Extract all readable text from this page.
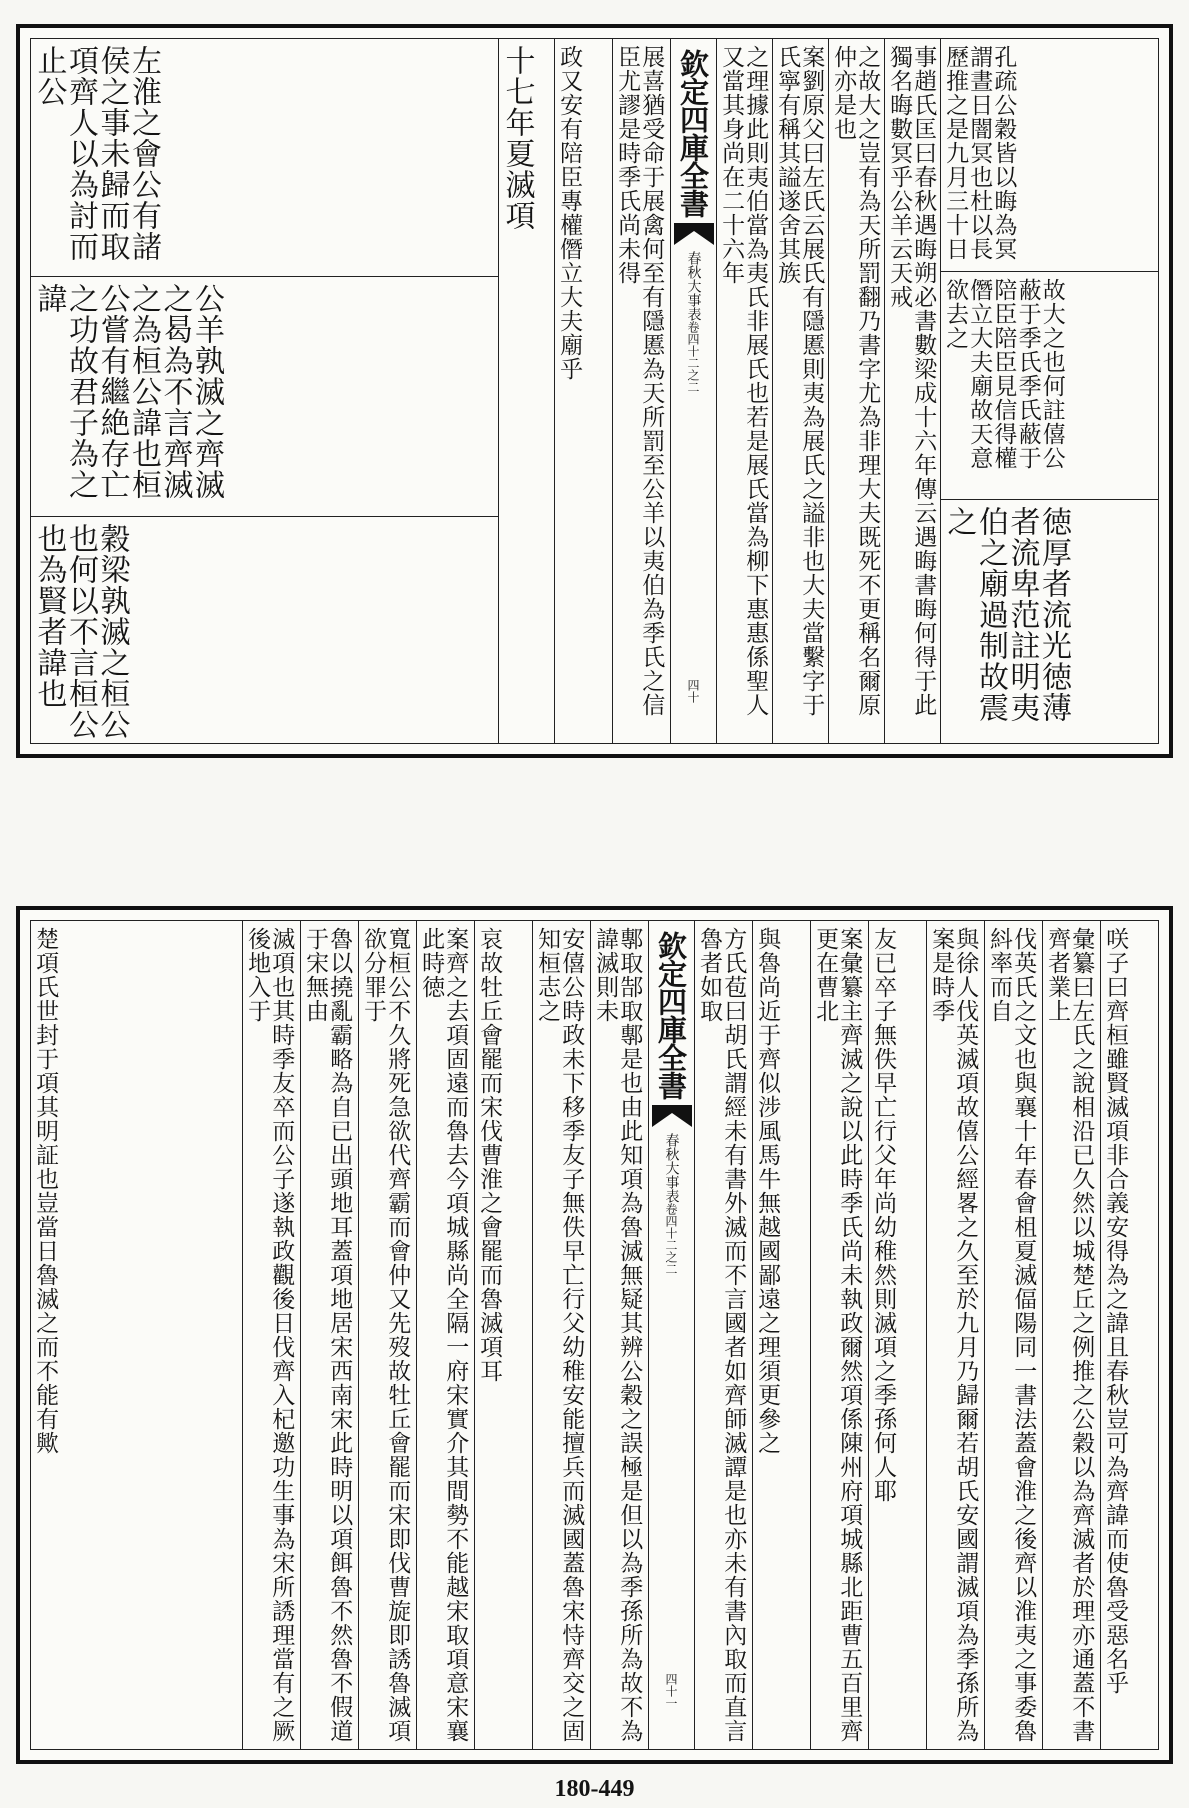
孔疏公穀皆以晦為冥謂晝日闇冥也杜以長歷推之是九月三十日
故大之也何註僖公蔽于季氏季氏蔽于陪臣陪臣見信得權僭立大夫廟故天意欲去之
徳厚者流光徳薄者流卑范註明夷伯之廟過制故震之
事趙氏匡曰春秋遇晦朔必書數梁成十六年傳云遇晦書晦何得于此獨名晦數冥乎公羊云天戒
之故大之豈有為天所罰翻乃書字尤為非理大夫既死不更稱名爾原仲亦是也
案劉原父曰左氏云展氏有隱慝則夷為展氏之謚非也大夫當繫字于氏寧有稱其謚遂舍其族
之理據此則夷伯當為夷氏非展氏也若是展氏當為柳下惠惠係聖人又當其身尚在二十六年
欽定四庫全書
春秋大事表
卷四十二之二
四十
展喜猶受命于展禽何至有隱慝為天所罰至公羊以夷伯為季氏之信臣尤謬是時季氏尚未得
政又安有陪臣專權僭立大夫廟乎
十七年夏滅項
左淮之會公有諸侯之事未歸而取項齊人以為討而止公
公羊孰滅之齊滅之曷為不言齊滅之為桓公諱也桓公嘗有繼絶存亡之功故君子為之諱
穀梁孰滅之桓公也何以不言桓公也為賢者諱也
咲子曰齊桓雖賢滅項非合義安得為之諱且春秋豈可為齊諱而使魯受惡名乎
彙纂曰左氏之說相沿已久然以城楚丘之例推之公穀以為齊滅者於理亦通蓋不書齊者業上
伐英氏之文也與襄十年春會柤夏滅偪陽同一書法蓋會淮之後齊以淮夷之事委魯紏率而自
與徐人伐英滅項故僖公經畧之久至於九月乃歸爾若胡氏安國謂滅項為季孫所為案是時季
友已卒子無佚早亡行父年尚幼稚然則滅項之季孫何人耶
案彙纂主齊滅之說以此時季氏尚未執政爾然項係陳州府項城縣北距曹五百里齊更在曹北
與魯尚近于齊似涉風馬牛無越國鄙遠之理須更參之
方氏苞曰胡氏謂經未有書外滅而不言國者如齊師滅譚是也亦未有書內取而直言魯者如取
欽定四庫全書
春秋大事表
卷四十二之二
四十一
鄟取郜取鄟是也由此知項為魯滅無疑其辨公穀之誤極是但以為季孫所為故不為諱滅則未
安僖公時政未下移季友子無佚早亡行父幼稚安能擅兵而滅國蓋魯宋恃齊交之固知桓志之
哀故牡丘會罷而宋伐曹淮之會罷而魯滅項耳
案齊之去項固遠而魯去今項城縣尚全隔一府宋實介其間勢不能越宋取項意宋襄此時徳
寬桓公不久將死急欲代齊霸而會仲又先歿故牡丘會罷而宋即伐曹旋即誘魯滅項欲分罪于
魯以撓亂霸略為自已出頭地耳蓋項地居宋西南宋此時明以項餌魯不然魯不假道于宋無由
滅項也其時季友卒而公子遂執政觀後日伐齊入杞邀功生事為宋所誘理當有之厥後地入于
楚項氏世封于項其明証也豈當日魯滅之而不能有歟
180-449
